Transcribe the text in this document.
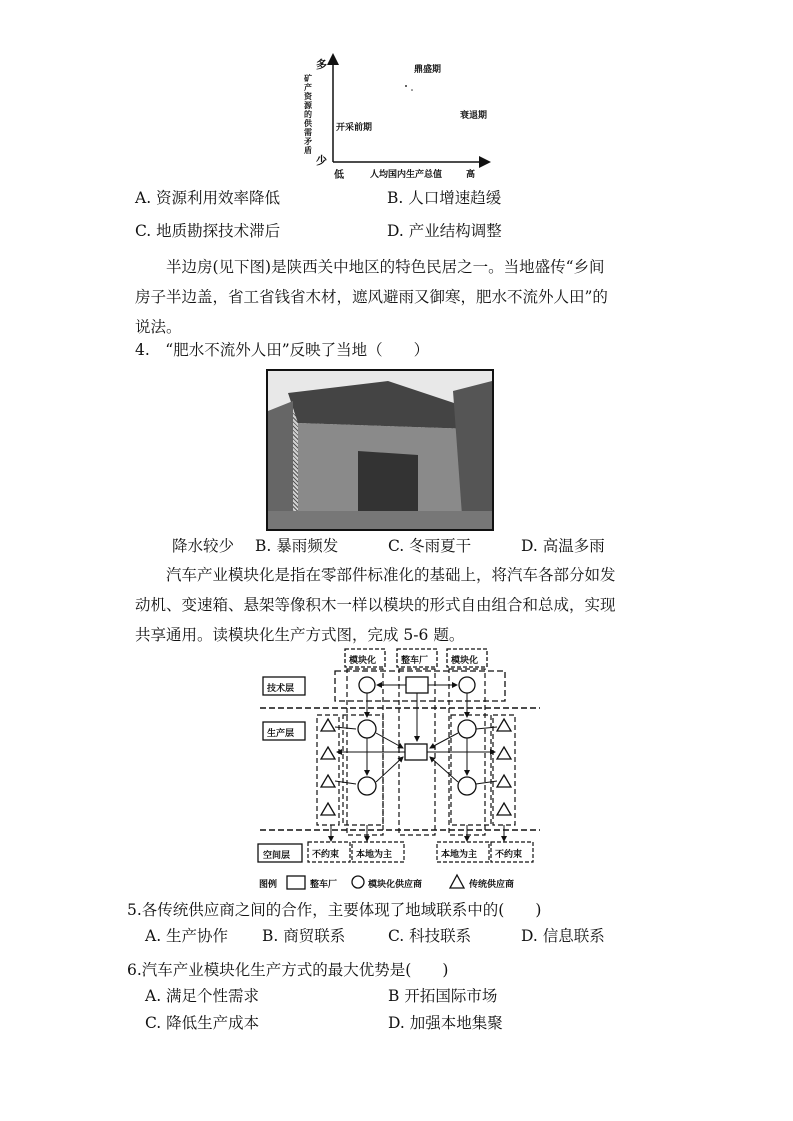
多
少
矿产资源的供需矛盾
低	人均国内生产总值	高
鼎盛期
开采前期
衰退期
A. 资源利用效率降低	B. 人口增速趋缓
C. 地质勘探技术滞后	D. 产业结构调整
半边房(见下图)是陕西关中地区的特色民居之一。当地盛传“乡间
房子半边盖，省工省钱省木材，遮风避雨又御寒，肥水不流外人田”的
说法。
4.　“肥水不流外人田”反映了当地（　　）
降水较少 B. 暴雨频发	C. 冬雨夏干	D. 高温多雨
汽车产业模块化是指在零部件标准化的基础上，将汽车各部分如发
动机、变速箱、悬架等像积木一样以模块的形式自由组合和总成，实现
共享通用。读模块化生产方式图，完成 5-6 题。
模块化	整车厂	模块化
技术层
生产层
空间层 不约束 本地为主	本地为主 不约束
图例	整车厂	模块化供应商	传统供应商
5.各传统供应商之间的合作，主要体现了地域联系中的(　　)
A. 生产协作 B. 商贸联系	C. 科技联系	D. 信息联系
6.汽车产业模块化生产方式的最大优势是(　　)
A. 满足个性需求	B 开拓国际市场
C. 降低生产成本	D. 加强本地集聚
